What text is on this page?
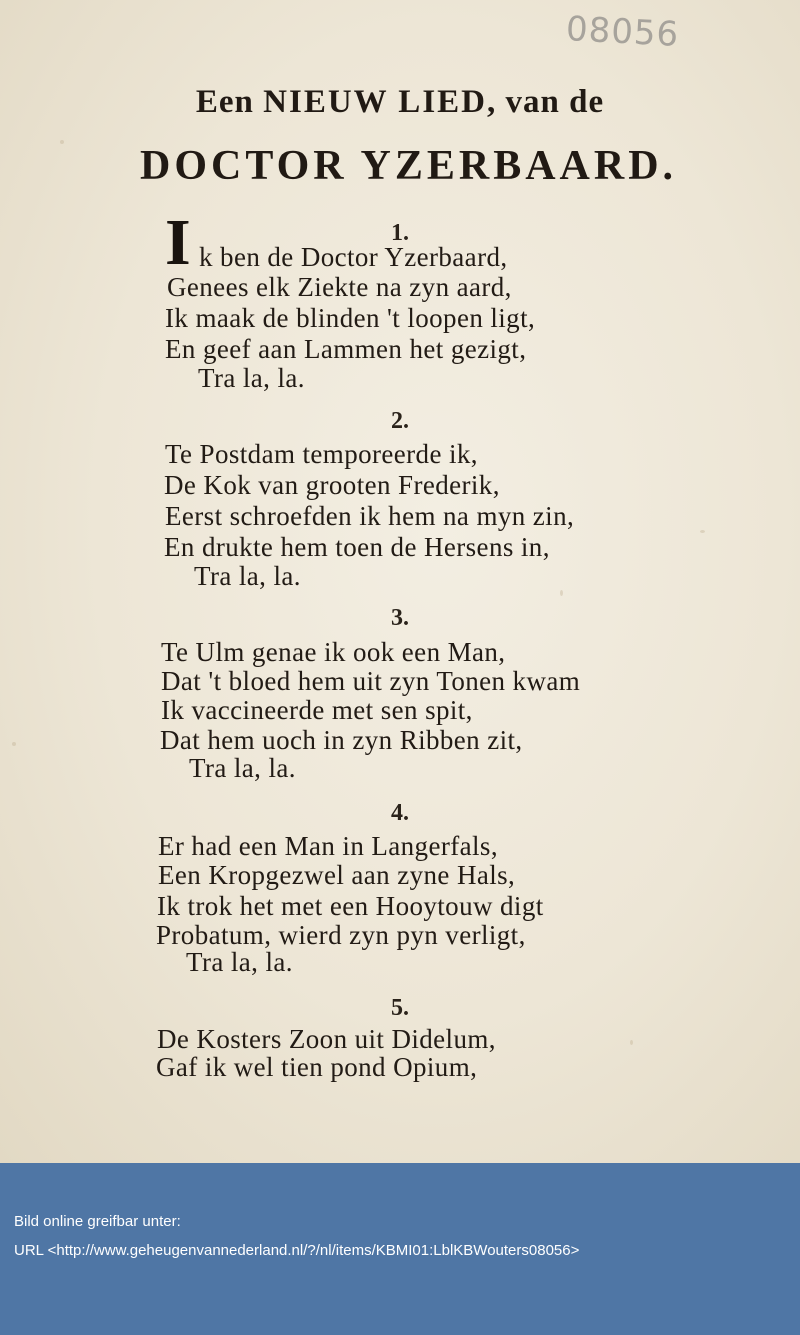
08056
Een NIEUW LIED, van de
DOCTOR YZERBAARD.
1.
I k ben de Doctor Yzerbaard,
Genees elk Ziekte na zyn aard,
Ik maak de blinden 't loopen ligt,
En geef aan Lammen het gezigt,
Tra la, la.
2.
Te Postdam temporeerde ik,
De Kok van grooten Frederik,
Eerst schroefden ik hem na myn zin,
En drukte hem toen de Hersens in,
Tra la, la.
3.
Te Ulm genae ik ook een Man,
Dat 't bloed hem uit zyn Tonen kwam
Ik vaccineerde met sen spit,
Dat hem uoch in zyn Ribben zit,
Tra la, la.
4.
Er had een Man in Langerfals,
Een Kropgezwel aan zyne Hals,
Ik trok het met een Hooytouw digt
Probatum, wierd zyn pyn verligt,
Tra la, la.
5.
De Kosters Zoon uit Didelum,
Gaf ik wel tien pond Opium,
Bild online greifbar unter:
URL <http://www.geheugenvannederland.nl/?/nl/items/KBMI01:LblKBWouters08056>
